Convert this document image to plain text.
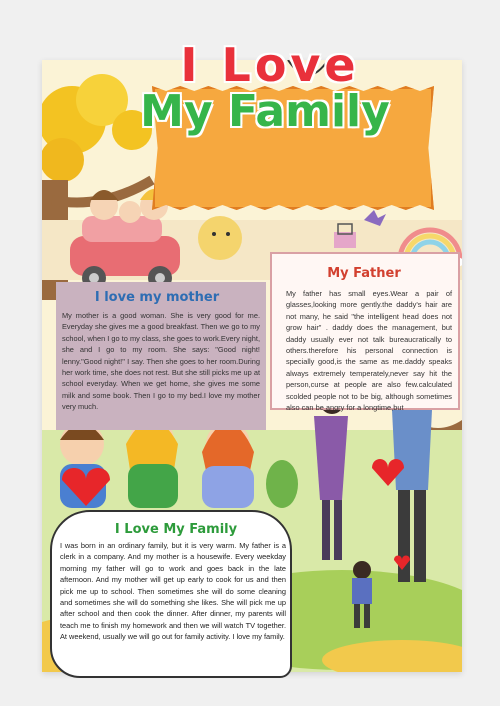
I Love
My Family
I love my mother
My mother is a good woman. She is very good for me. Everyday she gives me a good breakfast. Then we go to my school, when I go to my class, she goes to work.Every night, she and I go to my room. She says: "Good night! lenny."Good night!" I say. Then she goes to her room.During her work time, she does not rest. But she still picks me up at school everyday. When we get home, she gives me some milk and some book. Then I go to my bed.I love my mother very much.
My Father
My father has small eyes.Wear a pair of glasses,looking more gently.the daddy's hair are not many, he said "the intelligent head does not grow hair" . daddy does the management, but daddy usually ever not talk bureaucratically to others.therefore his personal connection is specially good,is the same as me.daddy speaks always extremely temperately,never say hit the person,curse at people are also few.calculated scolded people not to be big, although sometimes also can be angry for a longtime,but
I Love My Family
I was born in an ordinary family, but it is very warm. My father is a clerk in a company. And my mother is a housewife. Every weekday morning my father will go to work and goes back in the late afternoon. And my mother will get up early to cook for us and then pick me up to school. Then sometimes she will do some cleaning and sometimes she will do something she likes. She will pick me up after school and then cook the dinner. After dinner, my parents will teach me to finish my homework and then we will watch TV together. At weekend, usually we will go out for family activity. I love my family.
